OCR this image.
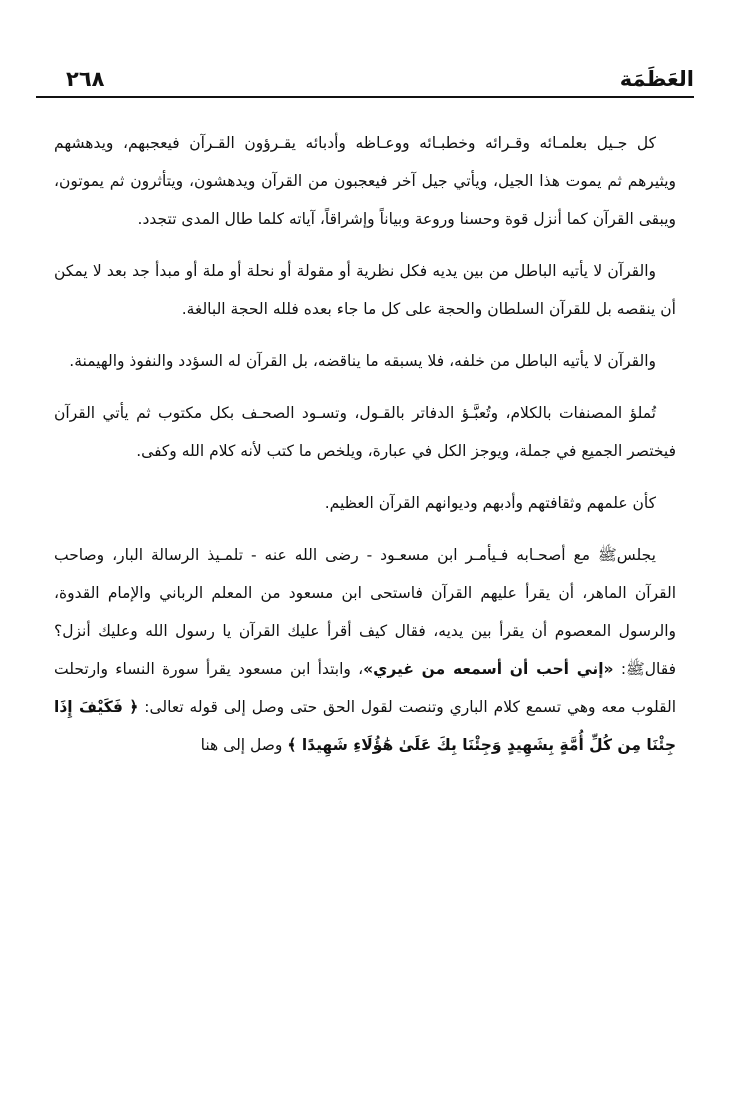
العَظَمَة
٢٦٨

كل جـيل بعلمـائه وقـرائه وخطبـائه ووعـاظه وأدبائه يقـرؤون القـرآن فيعجبهم، ويدهشهم ويثيرهم ثم يموت هذا الجيل، ويأتي جيل آخر فيعجبون من القرآن ويدهشون، ويتأثرون ثم يموتون، ويبقى القرآن كما أنزل قوة وحسنا وروعة وبياناً وإشراقاً، آياته كلما طال المدى تتجدد.

والقرآن لا يأتيه الباطل من بين يديه فكل نظرية أو مقولة أو نحلة أو ملة أو مبدأ جد بعد لا يمكن أن ينقصه بل للقرآن السلطان والحجة على كل ما جاء بعده فلله الحجة البالغة.

والقرآن لا يأتيه الباطل من خلفه، فلا يسبقه ما يناقضه، بل القرآن له السؤدد والنفوذ والهيمنة.

تُملؤ المصنفات بالكلام، وتُعبَّـؤ الدفاتر بالقـول، وتسـود الصحـف بكل مكتوب ثم يأتي القرآن فيختصر الجميع في جملة، ويوجز الكل في عبارة، ويلخص ما كتب لأنه كلام الله وكفى.

كأن علمهم وثقافتهم وأدبهم وديوانهم القرآن العظيم.

يجلسﷺ مع أصحـابه فـيأمـر ابن مسعـود - رضى الله عنه - تلمـيذ الرسالة البار، وصاحب القرآن الماهر، أن يقرأ عليهم القرآن فاستحى ابن مسعود من المعلم الرباني والإمام القدوة، والرسول المعصوم أن يقرأ بين يديه، فقال كيف أقرأ عليك القرآن يا رسول الله وعليك أنزل؟ فقالﷺ: «إني أحب أن أسمعه من غيري»، وابتدأ ابن مسعود يقرأ سورة النساء وارتحلت القلوب معه وهي تسمع كلام الباري وتنصت لقول الحق حتى وصل إلى قوله تعالى: ﴿ فَكَيْفَ إِذَا جِئْنَا مِن كُلِّ أُمَّةٍ بِشَهِيدٍ وَجِئْنَا بِكَ عَلَىٰ هَٰؤُلَاءِ شَهِيدًا ﴾ وصل إلى هنا
